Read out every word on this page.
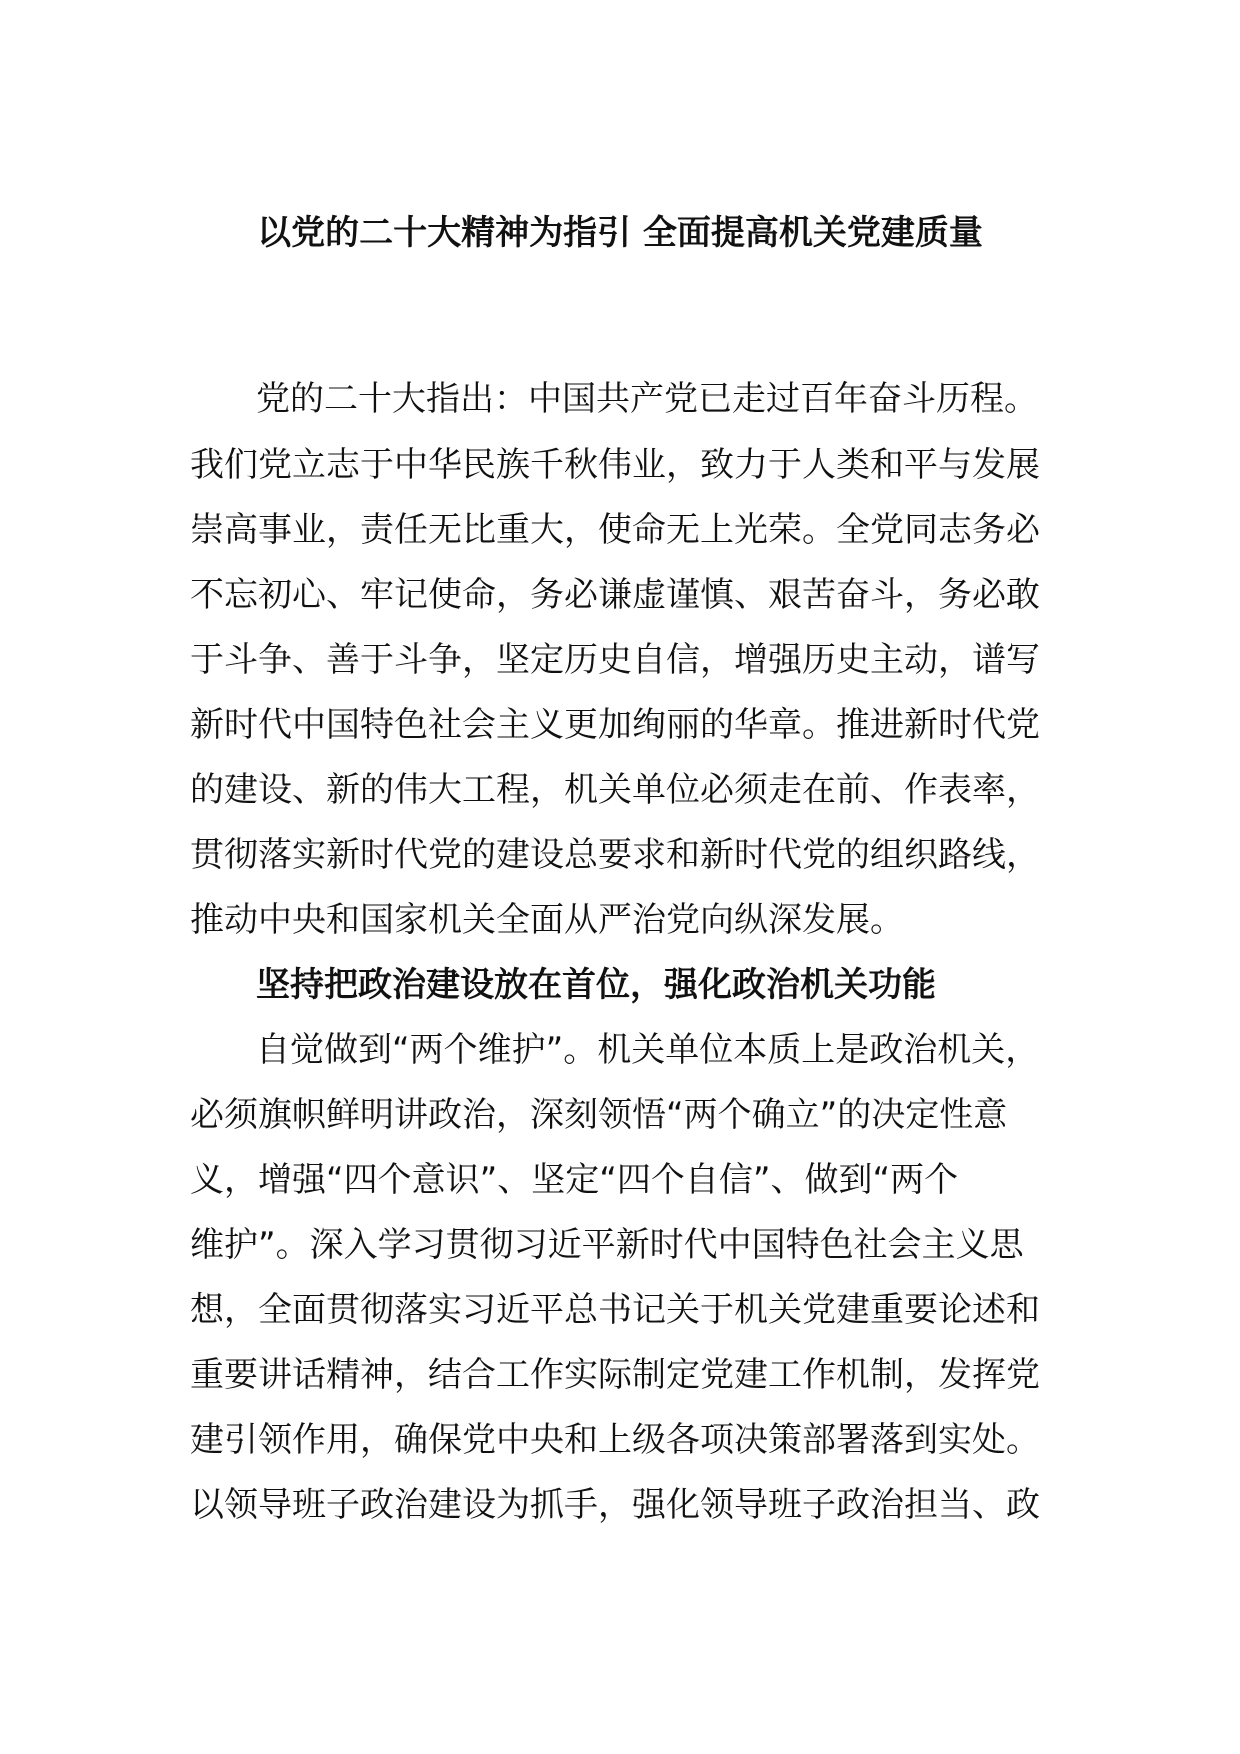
以党的二十大精神为指引 全面提高机关党建质量
党的二十大指出：中国共产党已走过百年奋斗历程。
我们党立志于中华民族千秋伟业，致力于人类和平与发展
崇高事业，责任无比重大，使命无上光荣。全党同志务必
不忘初心、牢记使命，务必谦虚谨慎、艰苦奋斗，务必敢
于斗争、善于斗争，坚定历史自信，增强历史主动，谱写
新时代中国特色社会主义更加绚丽的华章。推进新时代党
的建设、新的伟大工程，机关单位必须走在前、作表率，
贯彻落实新时代党的建设总要求和新时代党的组织路线，
推动中央和国家机关全面从严治党向纵深发展。
坚持把政治建设放在首位，强化政治机关功能
自觉做到“两个维护”。机关单位本质上是政治机关，
必须旗帜鲜明讲政治，深刻领悟“两个确立”的决定性意
义，增强“四个意识”、坚定“四个自信”、做到“两个
维护”。深入学习贯彻习近平新时代中国特色社会主义思
想，全面贯彻落实习近平总书记关于机关党建重要论述和
重要讲话精神，结合工作实际制定党建工作机制，发挥党
建引领作用，确保党中央和上级各项决策部署落到实处。
以领导班子政治建设为抓手，强化领导班子政治担当、政
